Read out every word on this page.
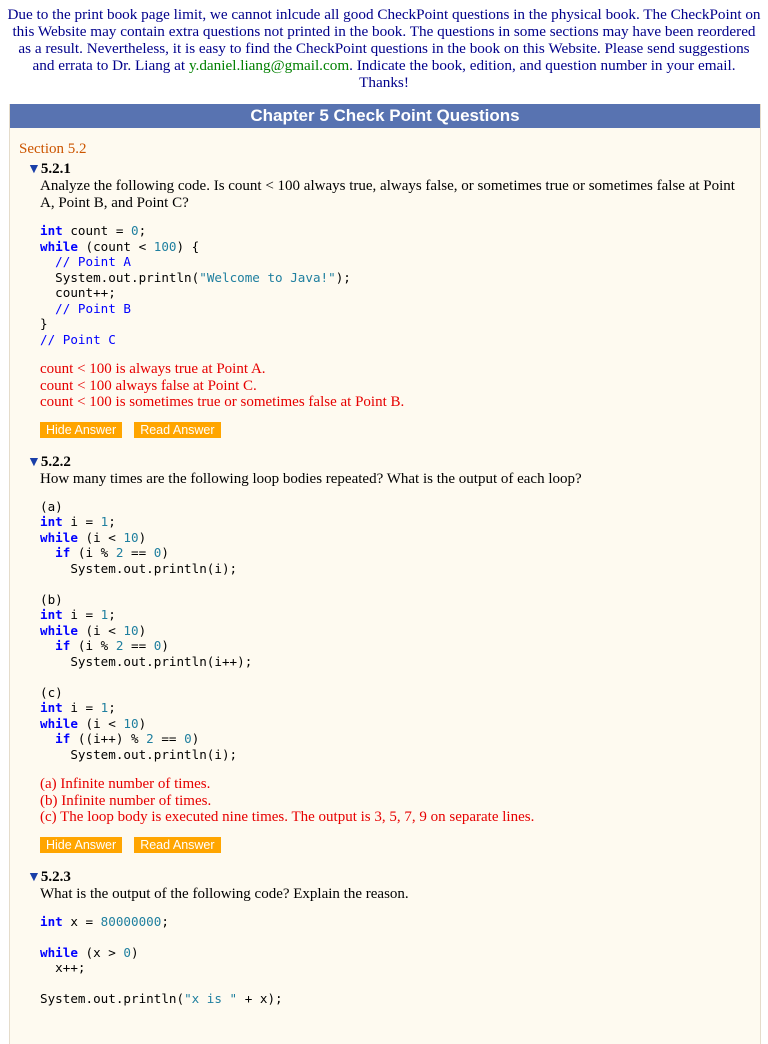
Due to the print book page limit, we cannot inlcude all good CheckPoint questions in the physical book. The CheckPoint on this Website may contain extra questions not printed in the book. The questions in some sections may have been reordered as a result. Nevertheless, it is easy to find the CheckPoint questions in the book on this Website. Please send suggestions and errata to Dr. Liang at y.daniel.liang@gmail.com. Indicate the book, edition, and question number in your email. Thanks!
Chapter 5 Check Point Questions
Section 5.2
▼5.2.1
Analyze the following code. Is count < 100 always true, always false, or sometimes true or sometimes false at Point A, Point B, and Point C?
int count = 0;
while (count < 100) {
// Point A
System.out.println("Welcome to Java!");
count++;
// Point B
}
// Point C
count < 100 is always true at Point A.
count < 100 always false at Point C.
count < 100 is sometimes true or sometimes false at Point B.
Hide Answer Read Answer
▼5.2.2
How many times are the following loop bodies repeated? What is the output of each loop?
(a)
int i = 1;
while (i < 10)
if (i % 2 == 0)
System.out.println(i);

(b)
int i = 1;
while (i < 10)
if (i % 2 == 0)
System.out.println(i++);

(c)
int i = 1;
while (i < 10)
if ((i++) % 2 == 0)
System.out.println(i);
(a) Infinite number of times.
(b) Infinite number of times.
(c) The loop body is executed nine times. The output is 3, 5, 7, 9 on separate lines.
Hide Answer Read Answer
▼5.2.3
What is the output of the following code? Explain the reason.
int x = 80000000;

while (x > 0)
x++;

System.out.println("x is " + x);
